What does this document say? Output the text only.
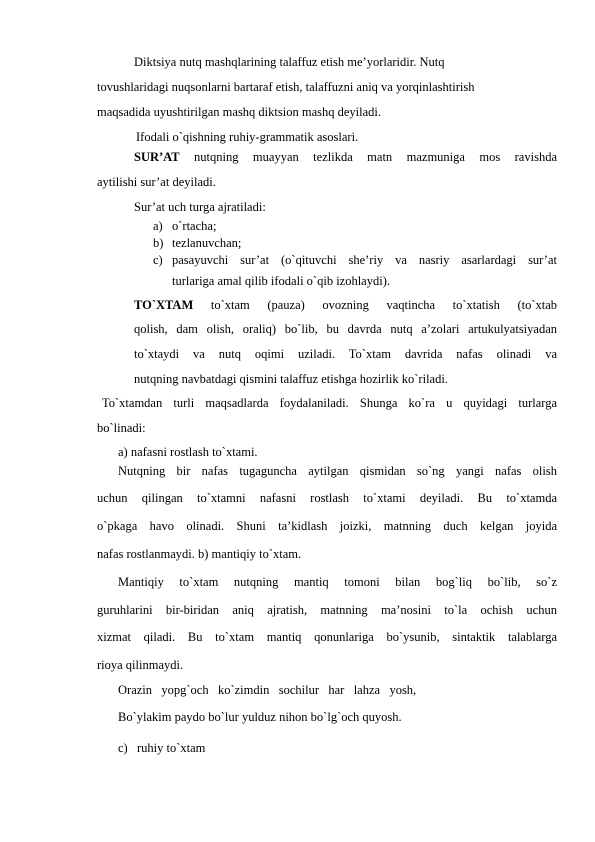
Diktsiya nutq mashqlarining talaffuz etish me’yorlaridir. Nutq
tovushlaridagi nuqsonlarni bartaraf etish, talaffuzni aniq va yorqinlashtirish
maqsadida uyushtirilgan mashq diktsion mashq deyiladi.
Ifodali o`qishning ruhiy-grammatik asoslari.
SUR’AT nutqning muayyan tezlikda matn mazmuniga mos ravishda
aytilishi sur’at deyiladi.
Sur’at uch turga ajratiladi:
a) o`rtacha;
b) tezlanuvchan;
c) pasayuvchi sur’at (o`qituvchi she’riy va nasriy asarlardagi sur’at
turlariga amal qilib ifodali o`qib izohlaydi).
TO`XTAM to`xtam (pauza) ovozning vaqtincha to`xtatish (to`xtab
qolish, dam olish, oraliq) bo`lib, bu davrda nutq a’zolari artukulyatsiyadan
to`xtaydi va nutq oqimi uziladi. To`xtam davrida nafas olinadi va
nutqning navbatdagi qismini talaffuz etishga hozirlik ko`riladi.
To`xtamdan turli maqsadlarda foydalaniladi. Shunga ko`ra u quyidagi turlarga
bo`linadi:
a) nafasni rostlash to`xtami.
Nutqning bir nafas tugaguncha aytilgan qismidan so`ng yangi nafas olish
uchun qilingan to`xtamni nafasni rostlash to`xtami deyiladi. Bu to`xtamda
o`pkaga havo olinadi. Shuni ta’kidlash joizki, matnning duch kelgan joyida
nafas rostlanmaydi. b) mantiqiy to`xtam.
Mantiqiy to`xtam nutqning mantiq tomoni bilan bog`liq bo`lib, so`z
guruhlarini bir-biridan aniq ajratish, matnning ma’nosini to`la ochish uchun
xizmat qiladi. Bu to`xtam mantiq qonunlariga bo`ysunib, sintaktik talablarga
rioya qilinmaydi.
Orazin   yopg`och   ko`zimdin   sochilur   har   lahza   yosh,
Bo`ylakim paydo bo`lur yulduz nihon bo`lg`och quyosh.
c) ruhiy to`xtam
